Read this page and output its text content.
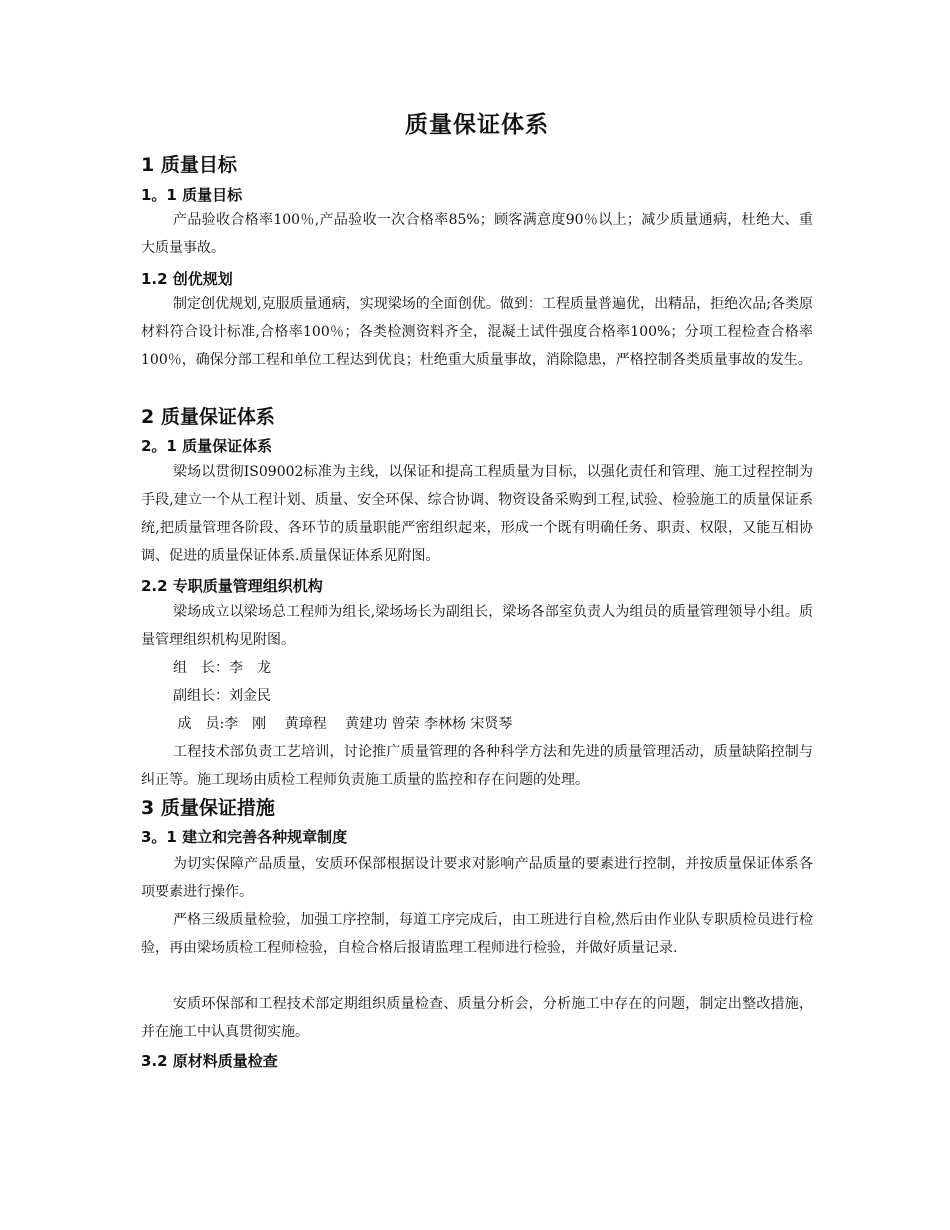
质量保证体系
1 质量目标
1。1 质量目标

产品验收合格率100％,产品验收一次合格率85%；顾客满意度90％以上；减少质量通病，杜绝大、重大质量事故。

1.2 创优规划

制定创优规划,克服质量通病，实现梁场的全面创优。做到：工程质量普遍优，出精品，拒绝次品;各类原材料符合设计标准,合格率100％；各类检测资料齐全，混凝土试件强度合格率100%；分项工程检查合格率100％，确保分部工程和单位工程达到优良；杜绝重大质量事故，消除隐患，严格控制各类质量事故的发生。

2 质量保证体系
2。1 质量保证体系

梁场以贯彻IS09002标准为主线，以保证和提高工程质量为目标，以强化责任和管理、施工过程控制为手段,建立一个从工程计划、质量、安全环保、综合协调、物资设备采购到工程,试验、检验施工的质量保证系统,把质量管理各阶段、各环节的质量职能严密组织起来，形成一个既有明确任务、职责、权限，又能互相协调、促进的质量保证体系.质量保证体系见附图。

2.2 专职质量管理组织机构

梁场成立以梁场总工程师为组长,梁场场长为副组长，梁场各部室负责人为组员的质量管理领导小组。质量管理组织机构见附图。

组　长：李　龙
副组长：刘金民
成　员:李　刚　 黄璋程　 黄建功 曾荣 李林杨 宋贤琴

工程技术部负责工艺培训，讨论推广质量管理的各种科学方法和先进的质量管理活动，质量缺陷控制与纠正等。施工现场由质检工程师负责施工质量的监控和存在问题的处理。

3 质量保证措施
3。1 建立和完善各种规章制度

为切实保障产品质量，安质环保部根据设计要求对影响产品质量的要素进行控制，并按质量保证体系各项要素进行操作。

严格三级质量检验，加强工序控制，每道工序完成后，由工班进行自检,然后由作业队专职质检员进行检验，再由梁场质检工程师检验，自检合格后报请监理工程师进行检验，并做好质量记录.

安质环保部和工程技术部定期组织质量检查、质量分析会，分析施工中存在的问题，制定出整改措施，并在施工中认真贯彻实施。

3.2 原材料质量检查
